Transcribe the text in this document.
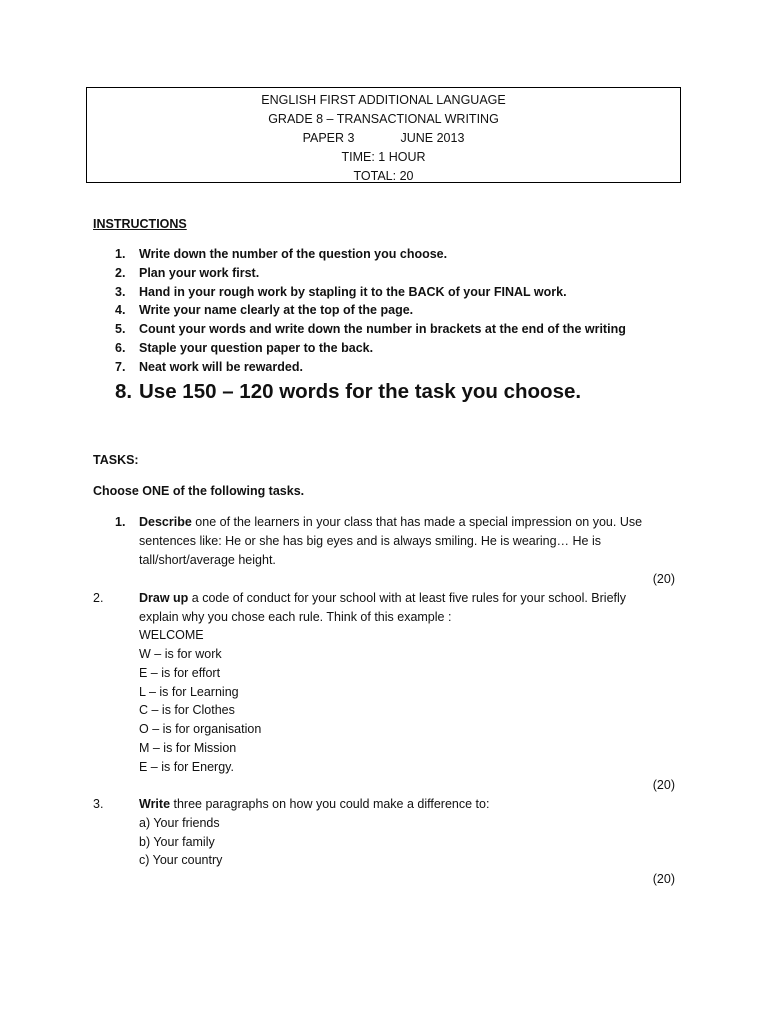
ENGLISH FIRST ADDITIONAL LANGUAGE
GRADE 8 – TRANSACTIONAL WRITING
PAPER 3	JUNE 2013
TIME: 1 HOUR
TOTAL: 20
INSTRUCTIONS
1. Write down the number of the question you choose.
2. Plan your work first.
3. Hand in your rough work by stapling it to the BACK of your FINAL work.
4. Write your name clearly at the top of the page.
5. Count your words and write down the number in brackets at the end of the writing
6. Staple your question paper to the back.
7. Neat work will be rewarded.
8. Use 150 – 120 words for the task you choose.
TASKS:
Choose ONE of the following tasks.
1. Describe one of the learners in your class that has made a special impression on you. Use
sentences like: He or she has big eyes and is always smiling. He is wearing… He is
tall/short/average height.
(20)
2.	Draw up a code of conduct for your school with at least five rules for your school. Briefly
explain why you chose each rule. Think of this example :
WELCOME
W – is for work
E – is for effort
L – is for Learning
C – is for Clothes
O – is for organisation
M – is for Mission
E – is for Energy.
(20)
3.	Write three paragraphs on how you could make a difference to:
a) Your friends
b) Your family
c) Your country
(20)
